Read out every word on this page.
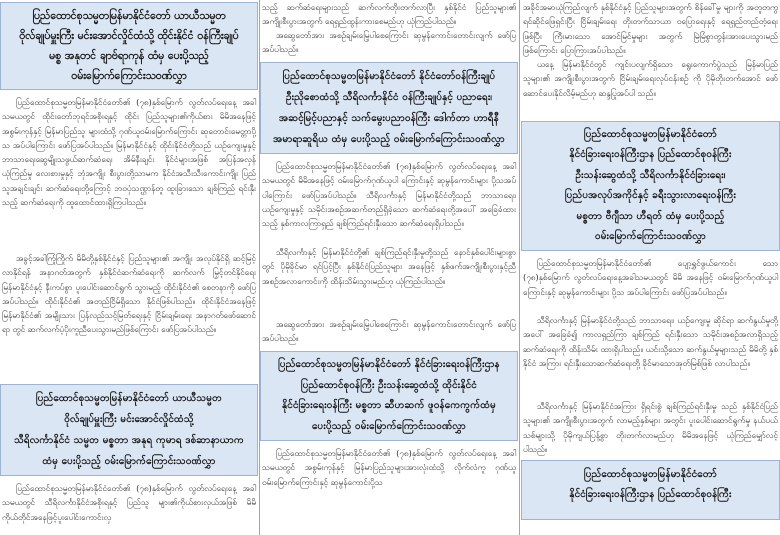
ပြည်ထောင်စုသမ္မတမြန်မာနိုင်ငံတော် ယာယီသမ္မတ
ဝိုလ်ချုပ်မှူးကြီး မင်းအောင်လှိုင်ထံသို့ ထိုင်းနိုင်ငံ ဝန်ကြီးချုပ်
မစ္စ အနုတင် ချာဗ်ရာကုန် ထံမှ ပေးပို့သည့်
ဝမ်းမြောက်ကြောင်းသဝဏ်လွှာ

ပြည်ထောင်စုသမ္မတမြန်မာနိုင်ငံတော်၏ (၇၈)နှစ်မြောက် လွတ်လပ်ရေးနေ့ အခါသမယတွင် ထိုင်းတော်ဘုရင်အစိုးရနှင့် ထိုင်း ပြည်သူများ၏ကိုယ်စား မိမိအနေဖြင့် အစွမ်းကုန်နှင့် မြန်မာပြည်သူ များထံသို့ ဂုဏ်ယူဝမ်းမြောက်ကြောင်း ဆုတောင်းမေတ္တာပို့သ အပ်ပါကြောင်း ဖော်ပြအပ်ပါသည်။ မြန်မာနိုင်ငံနှင့် ထိုင်းနိုင်ငံတို့သည် ယဉ်ကျေးမှုနှင့် ဘာသာရေးဆွေမျိုးသဖွယ်ဆက်ဆံရေး အိမ်နီးချင်း နိုင်ငံများအဖြစ် အပြန်အလှန်ယုံကြည်မှု လေးစားမှုနှင့် ဘုံအကျိုး စီးပွားတို့သာမက နိုင်ငံအသီးသီးကောင်းကျိုး ပြည်သူအချင်းချင်း ဆက်ဆံရေးတို့ကြောင့် ဘဝပုံသဏ္ဌာန်တူ ထူးခြားသော ချစ်ကြည် ရင်းနှီးသည့် ဆက်ဆံရေးကို ထူထောင်ထားရှိကြပါသည်။

အခွင့်အခါကြုံကြိုက် မိမိတို့နှစ်နိုင်ငံနှင့် ပြည်သူများ၏ အကျိုး အလုပ်နိုင်ရှိ ဆင့်မြင့်လာနိုင်ရန် အနာဂတ်အတွက် နှစ်နိုင်ငံဆက်ဆံရေးကို ဆက်လက် မြှင့်တင်နိုင်ရေး မြန်မာနိုင်ငံနှင့် နီးကပ်စွာ ပူးပေါင်းဆောင်ရွက် သွားမည့် ထိုင်းနိုင်ငံ၏ စေတနာကို ဖော်ပြအပ်ပါသည်။ ထိုင်းနိုင်ငံ၏ အတည်ငြိမ်ရှိသော နိုင်ငံဖြစ်ပါသည်။ ထိုင်းနိုင်ငံအနေဖြင့် မြန်မာနိုင်ငံ၏ အမျိုးသား ပြန်လည်သင့်မြတ်ရေးနှင့် ငြိမ်းချမ်းရေး အနာဂတ်ဖော်ဆောင်ရာ တွင် ဆက်လက်ပံ့ပိုးကူညီပေးသွားမည်ဖြစ်ကြောင်း ဖော်ပြအပ်ပါသည်။

ပြည်ထောင်စုသမ္မတမြန်မာနိုင်ငံတော် ယာယီသမ္မတ
ဝိုလ်ချုပ်မှူးကြီး မင်းအောင်လှိုင်ထံသို့
သီရိလင်္ကာနိုင်ငံ သမ္မတ မစ္စတာ အနုရ ကုမာရ ဒစ်ဆာနာယာက
ထံမှ ပေးပို့သည့် ဝမ်းမြောက်ကြောင်းသဝဏ်လွှာ

ပြည်ထောင်စုသမ္မတမြန်မာနိုင်ငံတော်၏ (၇၈)နှစ်မြောက် လွတ်လပ်ရေးနေ့ အခါသမယတွင် သီရိလင်္ကာနိုင်ငံအစိုးရနှင့် ပြည်သူ များ၏ကိုယ်စားလှယ်အဖြစ် မိမိကိုယ်တိုင်အနေဖြင့်ပူးပေါင်းကောင်းလှ

သည့် ဆက်ဆံရေးများသည် ဆက်လက်တိုးတက်လာပြီး နှစ်နိုင်ငံ ပြည်သူများ၏ အကျိုးစီးပွားအတွက် ရေရှည်ထွန်းကားစေမည်ဟု ယုံကြည်ပါသည်။

အဆွေတော်အား အစဉ်ချမ်းမြေ့ပါစေကြောင်း ဆုမွန်ကောင်းတောင်းလျက် ဖော်ပြအပ်ပါသည်။

ပြည်ထောင်စုသမ္မတမြန်မာနိုင်ငံတော် နိုင်ငံတော်ဝန်ကြီးချုပ်
ဦးညိုစောထံသို့ သီရိလင်္ကာနိုင်ငံ ဝန်ကြီးချုပ်နှင့် ပညာရေး၊
အဆင့်မြင့်ပညာနှင့် သက်မွေးပညာဝန်ကြီး ဒေါက်တာ ဟာရီနီ
အမာရာဆူရိယ ထံမှ ပေးပို့သည့် ဝမ်းမြောက်ကြောင်းသဝဏ်လွှာ

ပြည်ထောင်စုသမ္မတမြန်မာနိုင်ငံတော်၏ (၇၈)နှစ်မြောက် လွတ်လပ်ရေးနေ့ အခါသမယတွင် မိမိအနေဖြင့် ဝမ်းမြောက်ဂုဏ်ယူပါ ကြောင်းနှင့် ဆုမွန်ကောင်းများ ပို့သအပ်ပါကြောင်း ဖော်ပြအပ်ပါသည်။ သီရိလင်္ကာနှင့် မြန်မာနိုင်ငံတို့သည် ဘာသာရေး၊ ယဉ်ကျေးမှုနှင့် သမိုင်းအစဉ်အဆက်တည်ရှိခဲ့သော ဆက်ဆံရေးတို့အပေါ် အခြေခံထား သည့် နှစ်ကာလကြာရှည် ချစ်ကြည်ရင်းနှီးသော ဆက်ဆံရေးရှိပါသည်။

သီရိလင်္ကာနှင့် မြန်မာနိုင်ငံတို့၏ ချစ်ကြည်ရင်းနှီးမှုတို့သည် နောင်နှစ်ပေါင်းများစွာတွင် ပိုမိုခိုင်မာ ရင်ပြင့်ပြီး နှစ်နိုင်ငံပြည်သူများ အနေဖြင့် နှစ်ဖက်အကျိုးစီးပွားနှင့်ညီ အစဉ်အလာကောင်းကို ထိန်းသိမ်းသွားမည်ဟု ယုံကြည်ပါသည်။

အဆွေတော်အား အစဉ်ချမ်းမြေ့ပါစေကြောင်း ဆုမွန်ကောင်းတောင်းလျက် ဖော်ပြအပ်ပါသည်။

ပြည်ထောင်စုသမ္မတမြန်မာနိုင်ငံတော် နိုင်ငံခြားရေးဝန်ကြီးဌာန
ပြည်ထောင်စုဝန်ကြီး ဦးသန်းဆွေထံသို့ ထိုင်းနိုင်ငံ
နိုင်ငံခြားရေးဝန်ကြီး မစ္စတာ ဆီဟဆက် ဖူဝန်ကေကွက်ထံမှ
ပေးပို့သည့် ဝမ်းမြောက်ကြောင်းသဝဏ်လွှာ

ပြည်ထောင်စုသမ္မတမြန်မာနိုင်ငံတော်၏ (၇၈)နှစ်မြောက် လွတ်လပ်ရေးနေ့ အခါသမယတွင် အစွမ်းကုန်နှင့် မြန်မာပြည်သူများအားလုံးထံသို့ လိုက်လံကူ ဂုဏ်ယူဝမ်းမြောက်ကြောင်းနှင့် ဆုမွန်ကောင်းပို့သ

အခိုင်အမာယုံကြည်လျက် နှစ်နိုင်ငံနှင့် ပြည်သူများအတွက် စိန်ခေါ်မှု များကို အတူတကွရင်ဆိုင်ဖြေရှင်းပြီး ငြိမ်းချမ်းရေး တိုးတက်သာယာ ဝပြောရေးနှင့် ရေရှည်တည်တံ့ရေး ဖြစ်ပြီး ကြီးမားသော အောင်မြင်မှုများ အတွက် မြဲမြံစွာတွန်းအားပေးသွားမည်ဖြစ်ကြောင်း ပြောကြားအပ်ပါသည်။

ယနေ့ မြန်မာနိုင်ငံတွင် ကျင်းပလျက်ရှိသော ရွေးကောက်ပွဲသည် မြန်မာပြည်သူများ၏ အကျိုးစီးပွားအတွက် ငြိမ်းချမ်းရေးလုပ်ငန်းစဉ် ကို ပိုမိုတိုးတက်အောင် ဖော်ဆောင်ပေးနိုင်လိမ့်မည်ဟု ဆန္ဒပြုအပ်ပါ သည်။

ပြည်ထောင်စုသမ္မတမြန်မာနိုင်ငံတော်
နိုင်ငံခြားရေးဝန်ကြီးဌာန ပြည်ထောင်စုဝန်ကြီး
ဦးသန်းဆွေထံသို့ သီရိလင်္ကာနိုင်ငံခြားရေး၊
ပြည်ပအလုပ်အကိုင်နှင့် ခရီးသွားလာရေးဝန်ကြီး
မစ္စတာ ဗီဂျီသာ ဟီရတ် ထံမှ ပေးပို့သည့်
ဝမ်းမြောက်ကြောင်းသဝဏ်လွှာ

ပြည်ထောင်စုသမ္မတမြန်မာနိုင်ငံတော်၏ ပျော့ရွှင်ဖွယ်ကောင်း သော (၇၈)နှစ်မြောက် လွတ်လပ်ရေးနေ့အခါသမယတွင် မိမိ အနေဖြင့် ဝမ်းမြောက်ဂုဏ်ယူပါကြောင်းနှင့် ဆုမွန်ကောင်းများ ပို့သ အပ်ပါကြောင်း ဖော်ပြအပ်ပါသည်။

သီရိလင်္ကာနှင့် မြန်မာနိုင်ငံတို့သည် ဘာသာရေး၊ ယဉ်ကျေးမှု ဆိုင်ရာ ဆက်နွယ်မှုတို့အပေါ် အခြေခံ၍ ကာလရှည်ကြာ ချစ်ကြည် ရင်းနှီးသော သမိုင်းအစဉ်အလာရှိသည့် ဆက်ဆံရေးကို ထိန်းသိမ်း ထားရှိပါသည်။ ယင်းသို့သော ဆက်နွယ်မှုများသည် မိမိတို့ နှစ်နိုင်ငံ အကြား ရင်းနှီးသောဆက်ဆံရေးတို့ ခိုင်မာသောအုတ်မြစ်ဖြစ် လာပါသည်။

သီရိလင်္ကာနှင့် မြန်မာနိုင်ငံအကြား ရှိရင်းစွဲ ချစ်ကြည်ရင်းနှီးမှု သည် နှစ်နိုင်ငံပြည်သူများ၏ အကျိုးစီးပွားအတွက် လာမည့်နှစ်များ အတွင်း ပူးပေါင်းဆောင်ရွက်မှု နယ်ပယ်သစ်များသို့ ပိုမိုကျယ်ပြန့်စွာ တိုးတက်လာမည်ဟု မိမိအနေဖြင့် ယုံကြည်မျှော်လင့်ပါသည်။

ပြည်ထောင်စုသမ္မတမြန်မာနိုင်ငံတော်
နိုင်ငံခြားရေးဝန်ကြီးဌာန ပြည်ထောင်စုဝန်ကြီး
